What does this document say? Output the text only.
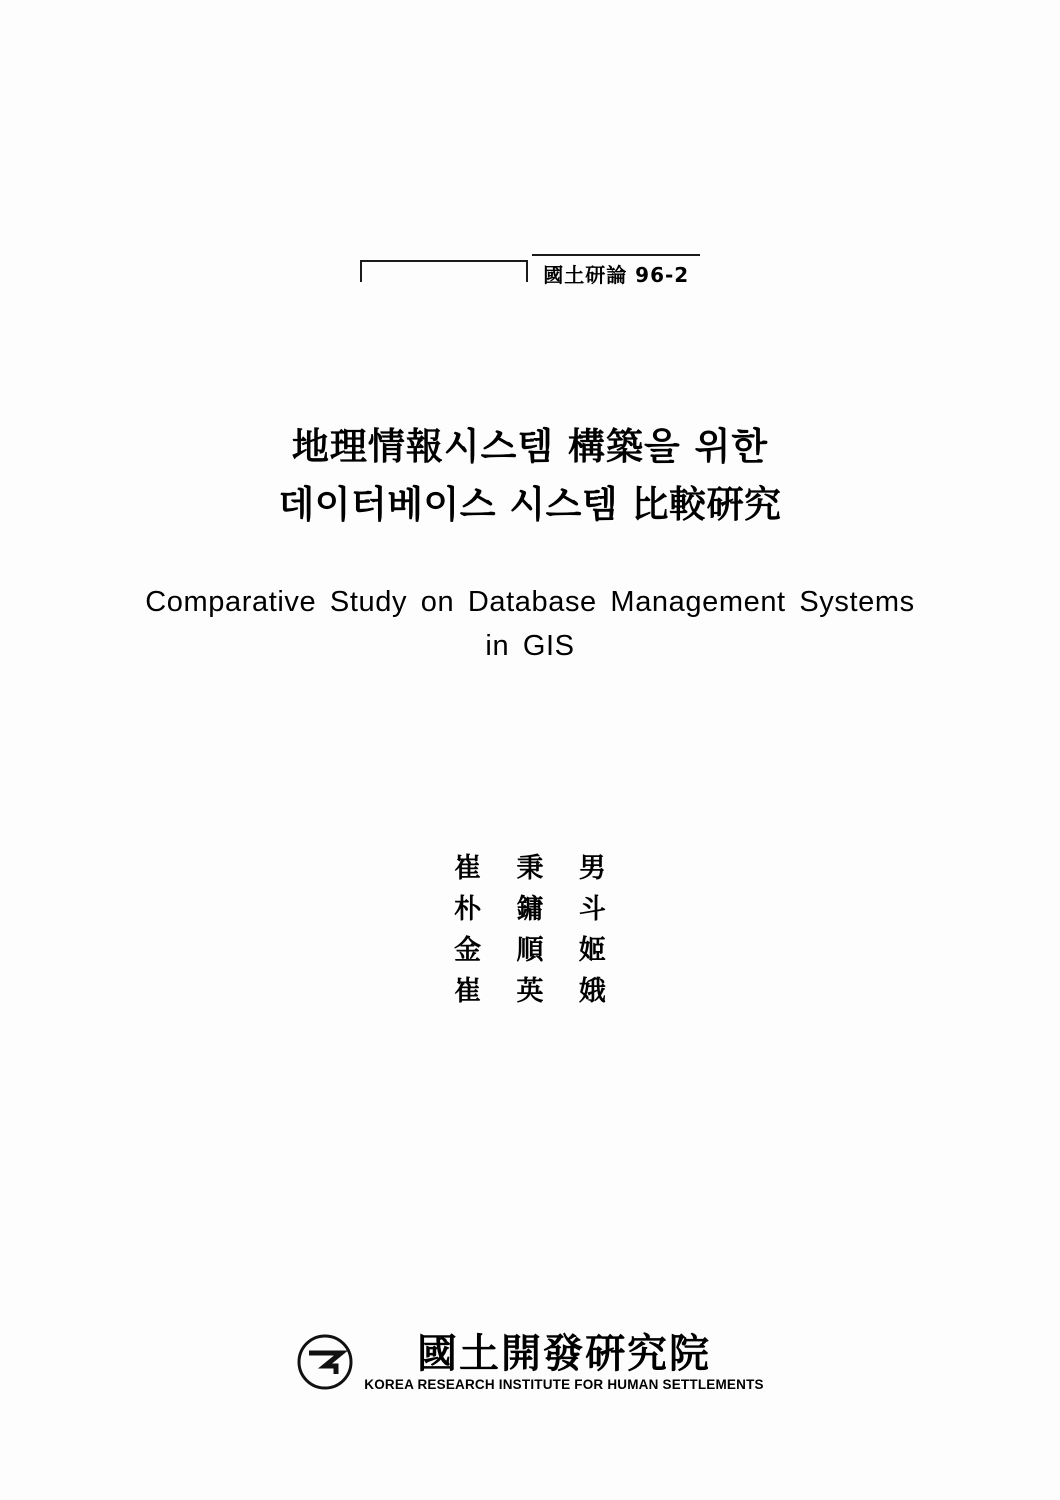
國土研論 96-2
地理情報시스템 構築을 위한
데이터베이스 시스템 比較硏究
Comparative Study on Database Management Systems
in GIS
崔 秉 男
朴 鏞 斗
金 順 姬
崔 英 娥
國土開發硏究院
KOREA RESEARCH INSTITUTE FOR HUMAN SETTLEMENTS
